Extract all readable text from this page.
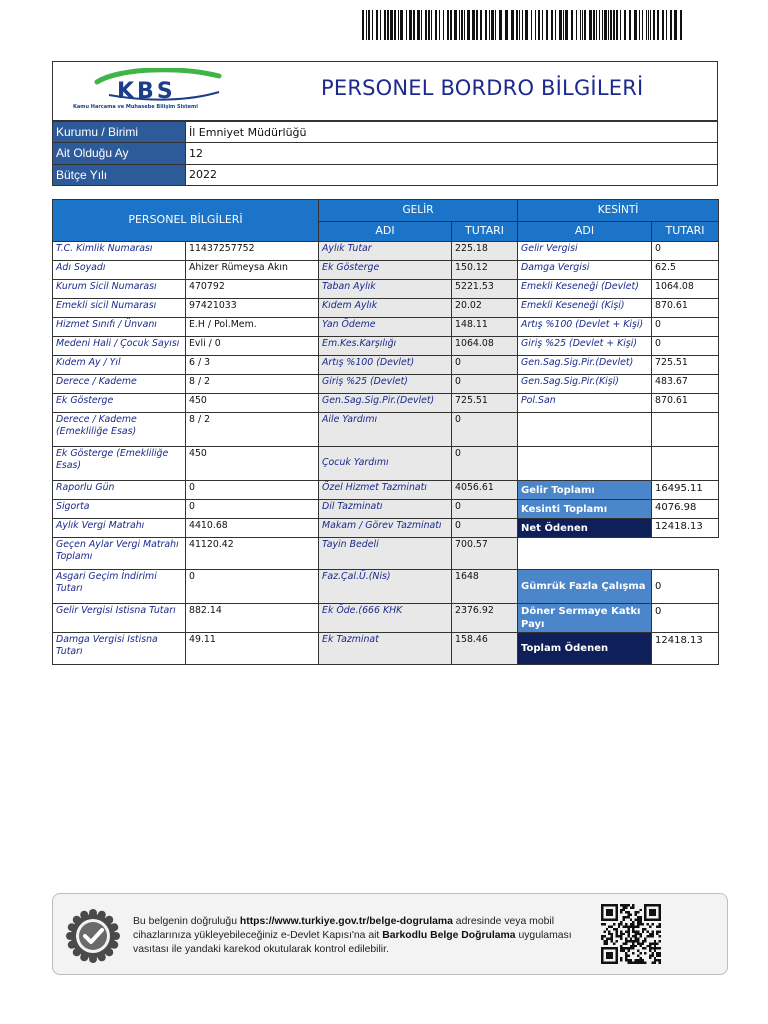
KBS
Kamu Harcama ve Muhasebe Bilişim Sistemi
PERSONEL BORDRO BİLGİLERİ
Kurumu / Birimi	İl Emniyet Müdürlüğü
Ait Olduğu Ay	12
Bütçe Yılı	2022
PERSONEL BİLGİLERİ		GELİR		KESİNTİ	
		ADI	TUTARI	ADI	TUTARI
T.C. Kimlik Numarası	11437257752	Aylık Tutar	225.18	Gelir Vergisi	0
Adı Soyadı	Ahizer Rümeysa Akın	Ek Gösterge	150.12	Damga Vergisi	62.5
Kurum Sicil Numarası	470792	Taban Aylık	5221.53	Emekli Keseneği (Devlet)	1064.08
Emekli sicil Numarası	97421033	Kıdem Aylık	20.02	Emekli Keseneği (Kişi)	870.61
Hizmet Sınıfı / Ünvanı	E.H / Pol.Mem.	Yan Ödeme	148.11	Artış %100 (Devlet + Kişi)	0
Medeni Hali / Çocuk Sayısı	Evli / 0	Em.Kes.Karşılığı	1064.08	Giriş %25 (Devlet + Kişi)	0
Kıdem Ay / Yıl	6 / 3	Artış %100 (Devlet)	0	Gen.Sag.Sig.Pir.(Devlet)	725.51
Derece / Kademe	8 / 2	Giriş %25 (Devlet)	0	Gen.Sag.Sig.Pir.(Kişi)	483.67
Ek Gösterge	450	Gen.Sag.Sig.Pir.(Devlet)	725.51	Pol.San	870.61
Derece / Kademe (Emekliliğe Esas)	8 / 2	Aile Yardımı	0		
Ek Gösterge (Emekliliğe Esas)	450	Çocuk Yardımı	0		
Raporlu Gün	0	Özel Hizmet Tazminatı	4056.61	Gelir Toplamı	16495.11
Sigorta	0	Dil Tazminatı	0	Kesinti Toplamı	4076.98
Aylık Vergi Matrahı	4410.68	Makam / Görev Tazminatı	0	Net Ödenen	12418.13
Geçen Aylar Vergi Matrahı Toplamı	41120.42	Tayin Bedeli	700.57		
Asgari Geçim İndirimi Tutarı	0	Faz.Çal.Ü.(Nis)	1648	Gümrük Fazla Çalışma	0
Gelir Vergisi Istisna Tutarı	882.14	Ek Öde.(666 KHK	2376.92	Döner Sermaye Katkı Payı	0
Damga Vergisi Istisna Tutarı	49.11	Ek Tazminat	158.46	Toplam Ödenen	12418.13
Bu belgenin doğruluğu https://www.turkiye.gov.tr/belge-dogrulama adresinde veya mobil cihazlarınıza yükleyebileceğiniz e-Devlet Kapısı'na ait Barkodlu Belge Doğrulama uygulaması vasıtası ile yandaki karekod okutularak kontrol edilebilir.
